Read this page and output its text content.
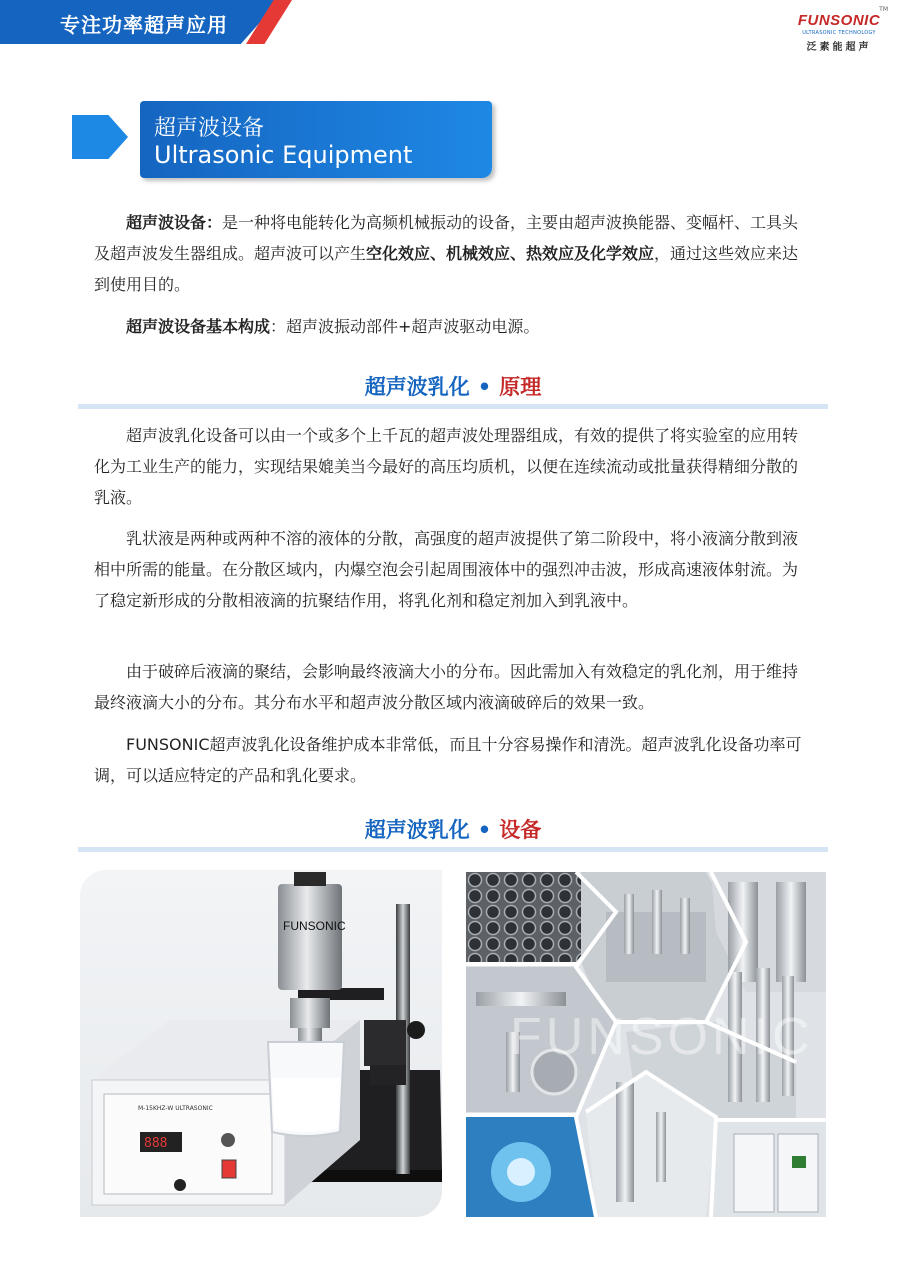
专注功率超声应用
TM
FUNSONIC
ULTRASONIC TECHNOLOGY
泛素能超声
超声波设备
Ultrasonic Equipment
超声波设备：是一种将电能转化为高频机械振动的设备，主要由超声波换能器、变幅杆、工具头及超声波发生器组成。超声波可以产生空化效应、机械效应、热效应及化学效应，通过这些效应来达到使用目的。
超声波设备基本构成：超声波振动部件+超声波驱动电源。
超声波乳化 • 原理
超声波乳化设备可以由一个或多个上千瓦的超声波处理器组成，有效的提供了将实验室的应用转化为工业生产的能力，实现结果媲美当今最好的高压均质机，以便在连续流动或批量获得精细分散的乳液。
乳状液是两种或两种不溶的液体的分散，高强度的超声波提供了第二阶段中，将小液滴分散到液相中所需的能量。在分散区域内，内爆空泡会引起周围液体中的强烈冲击波，形成高速液体射流。为了稳定新形成的分散相液滴的抗聚结作用，将乳化剂和稳定剂加入到乳液中。
由于破碎后液滴的聚结，会影响最终液滴大小的分布。因此需加入有效稳定的乳化剂，用于维持最终液滴大小的分布。其分布水平和超声波分散区域内液滴破碎后的效果一致。
FUNSONIC超声波乳化设备维护成本非常低，而且十分容易操作和清洗。超声波乳化设备功率可调，可以适应特定的产品和乳化要求。
超声波乳化 • 设备
888
M-15KHZ-W ULTRASONIC
FUNSONIC
FUNSONIC
